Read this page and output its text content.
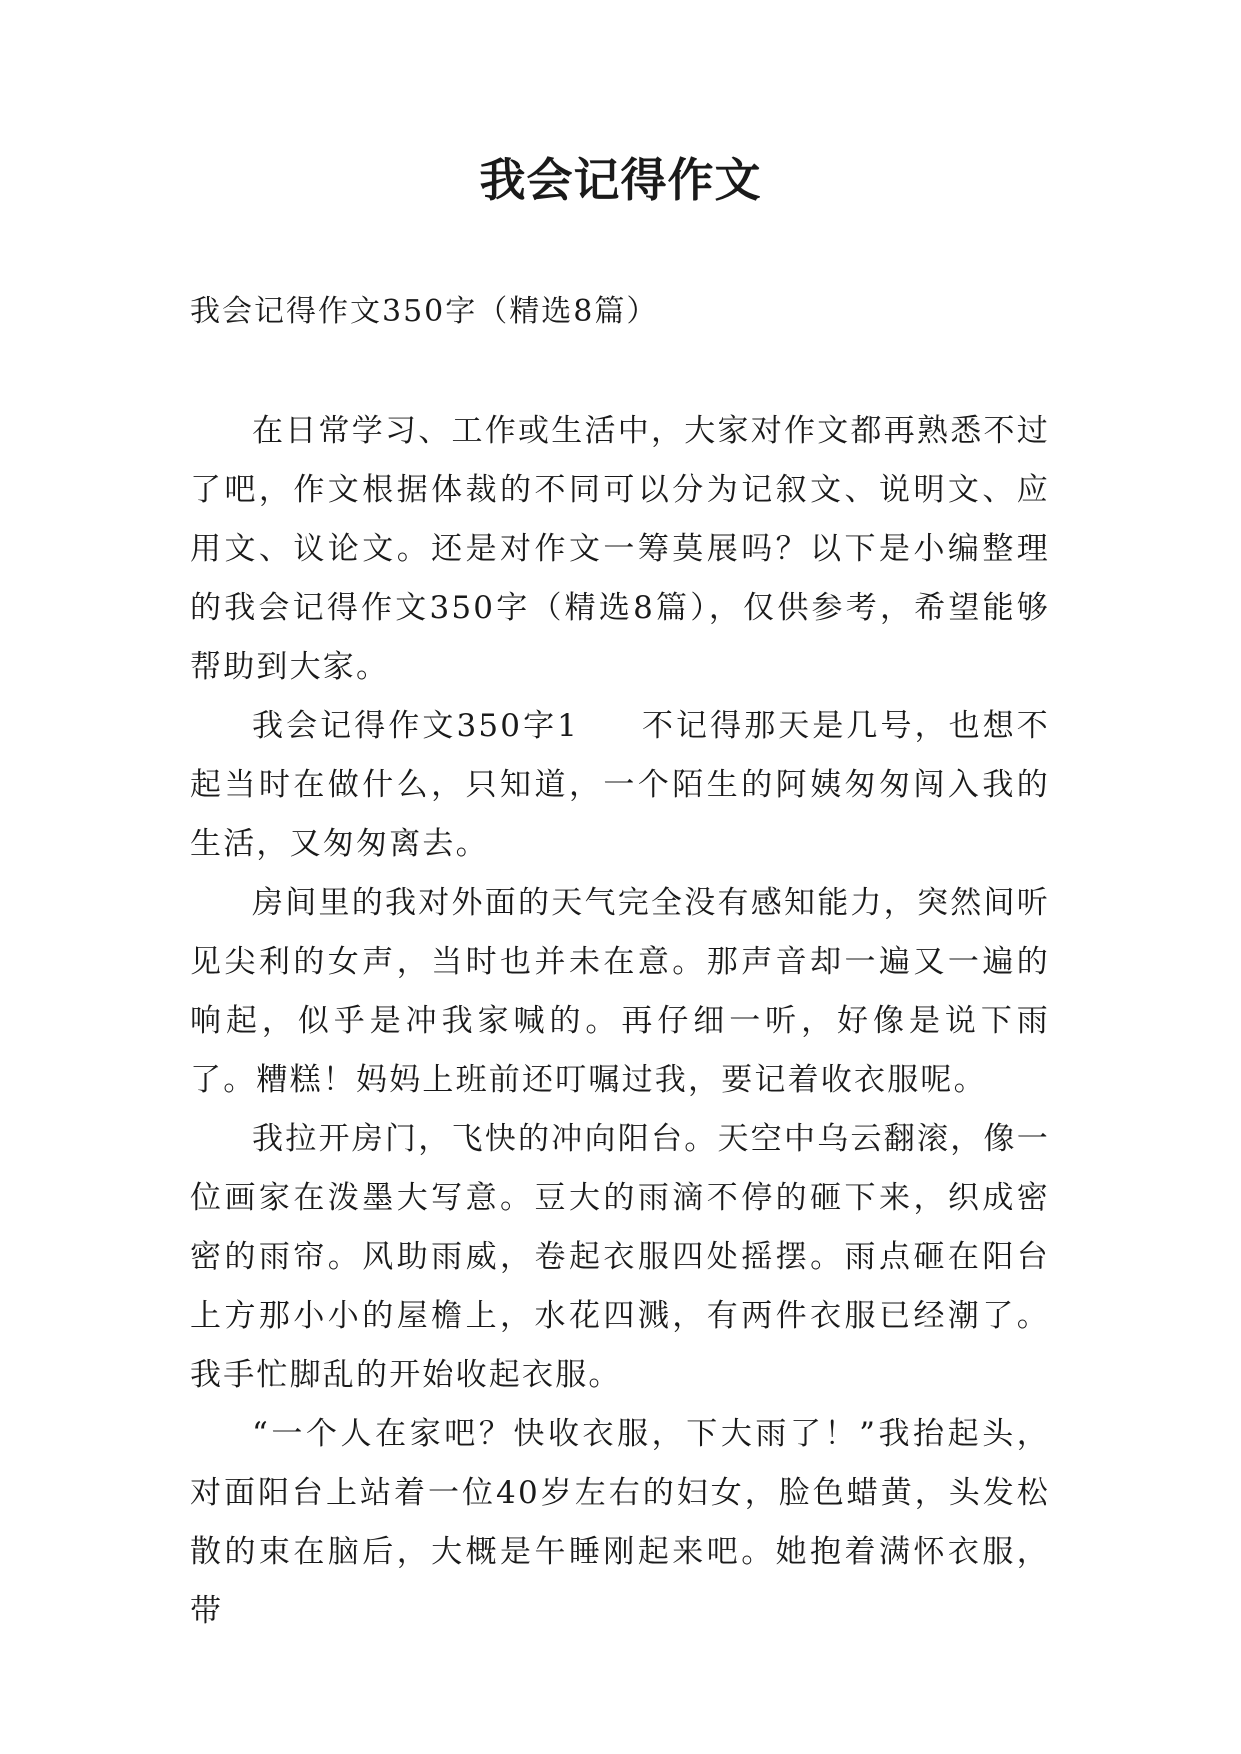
我会记得作文
我会记得作文350字（精选8篇）

在日常学习、工作或生活中，大家对作文都再熟悉不过了吧，作文根据体裁的不同可以分为记叙文、说明文、应用文、议论文。还是对作文一筹莫展吗？以下是小编整理的我会记得作文350字（精选8篇），仅供参考，希望能够帮助到大家。

我会记得作文350字1 不记得那天是几号，也想不起当时在做什么，只知道，一个陌生的阿姨匆匆闯入我的生活，又匆匆离去。

房间里的我对外面的天气完全没有感知能力，突然间听见尖利的女声，当时也并未在意。那声音却一遍又一遍的响起，似乎是冲我家喊的。再仔细一听，好像是说下雨了。糟糕！妈妈上班前还叮嘱过我，要记着收衣服呢。

我拉开房门，飞快的冲向阳台。天空中乌云翻滚，像一位画家在泼墨大写意。豆大的雨滴不停的砸下来，织成密密的雨帘。风助雨威，卷起衣服四处摇摆。雨点砸在阳台上方那小小的屋檐上，水花四溅，有两件衣服已经潮了。我手忙脚乱的开始收起衣服。

“一个人在家吧？快收衣服，下大雨了！”我抬起头，对面阳台上站着一位40岁左右的妇女，脸色蜡黄，头发松散的束在脑后，大概是午睡刚起来吧。她抱着满怀衣服，带
